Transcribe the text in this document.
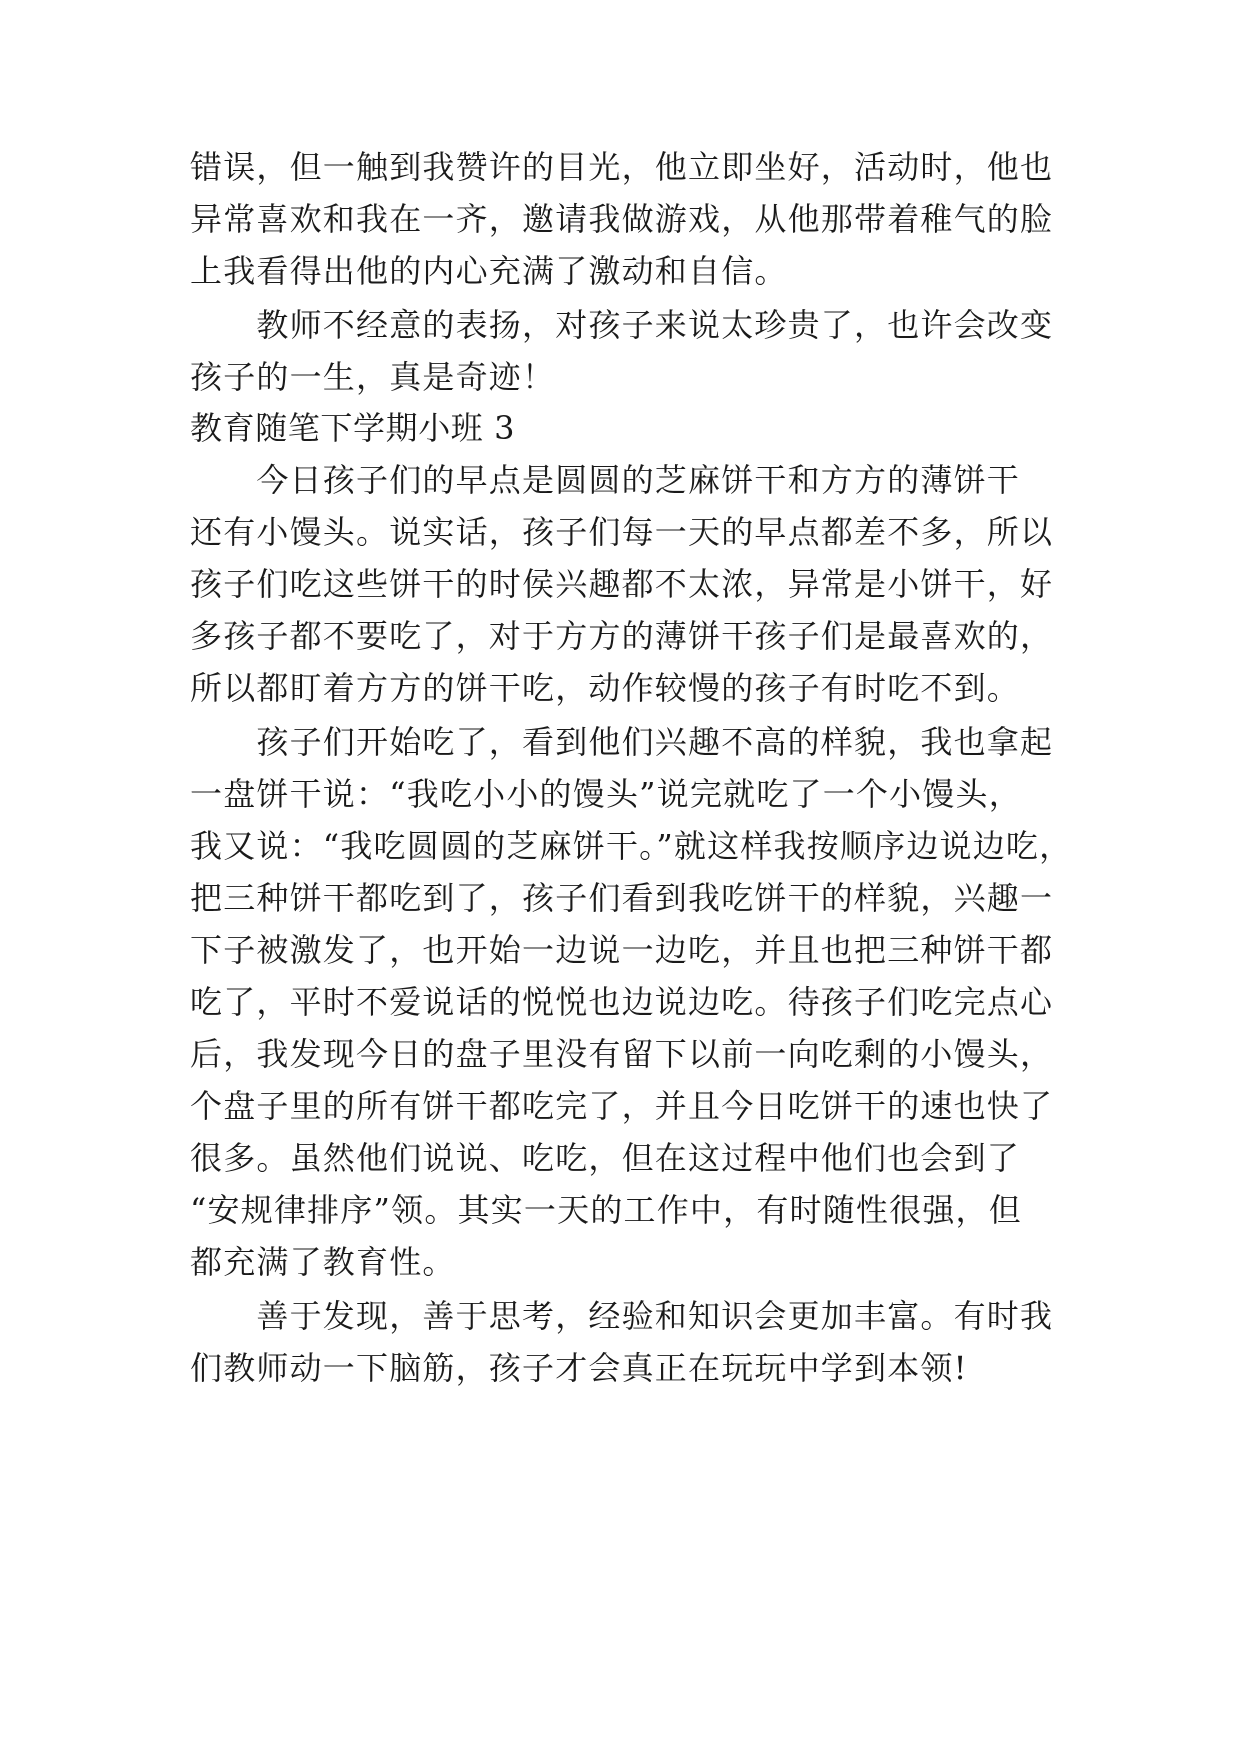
错误，但一触到我赞许的目光，他立即坐好，活动时，他也
异常喜欢和我在一齐，邀请我做游戏，从他那带着稚气的脸
上我看得出他的内心充满了激动和自信。
　　教师不经意的表扬，对孩子来说太珍贵了，也许会改变
孩子的一生，真是奇迹！
教育随笔下学期小班 3
　　今日孩子们的早点是圆圆的芝麻饼干和方方的薄饼干
还有小馒头。说实话，孩子们每一天的早点都差不多，所以
孩子们吃这些饼干的时侯兴趣都不太浓，异常是小饼干，好
多孩子都不要吃了，对于方方的薄饼干孩子们是最喜欢的，
所以都盯着方方的饼干吃，动作较慢的孩子有时吃不到。
　　孩子们开始吃了，看到他们兴趣不高的样貌，我也拿起
一盘饼干说：“我吃小小的馒头”说完就吃了一个小馒头，
我又说：“我吃圆圆的芝麻饼干。”就这样我按顺序边说边吃，
把三种饼干都吃到了，孩子们看到我吃饼干的样貌，兴趣一
下子被激发了，也开始一边说一边吃，并且也把三种饼干都
吃了，平时不爱说话的悦悦也边说边吃。待孩子们吃完点心
后，我发现今日的盘子里没有留下以前一向吃剩的小馒头，
个盘子里的所有饼干都吃完了，并且今日吃饼干的速也快了
很多。虽然他们说说、吃吃，但在这过程中他们也会到了
“安规律排序”领。其实一天的工作中，有时随性很强，但
都充满了教育性。
　　善于发现，善于思考，经验和知识会更加丰富。有时我
们教师动一下脑筋，孩子才会真正在玩玩中学到本领!
